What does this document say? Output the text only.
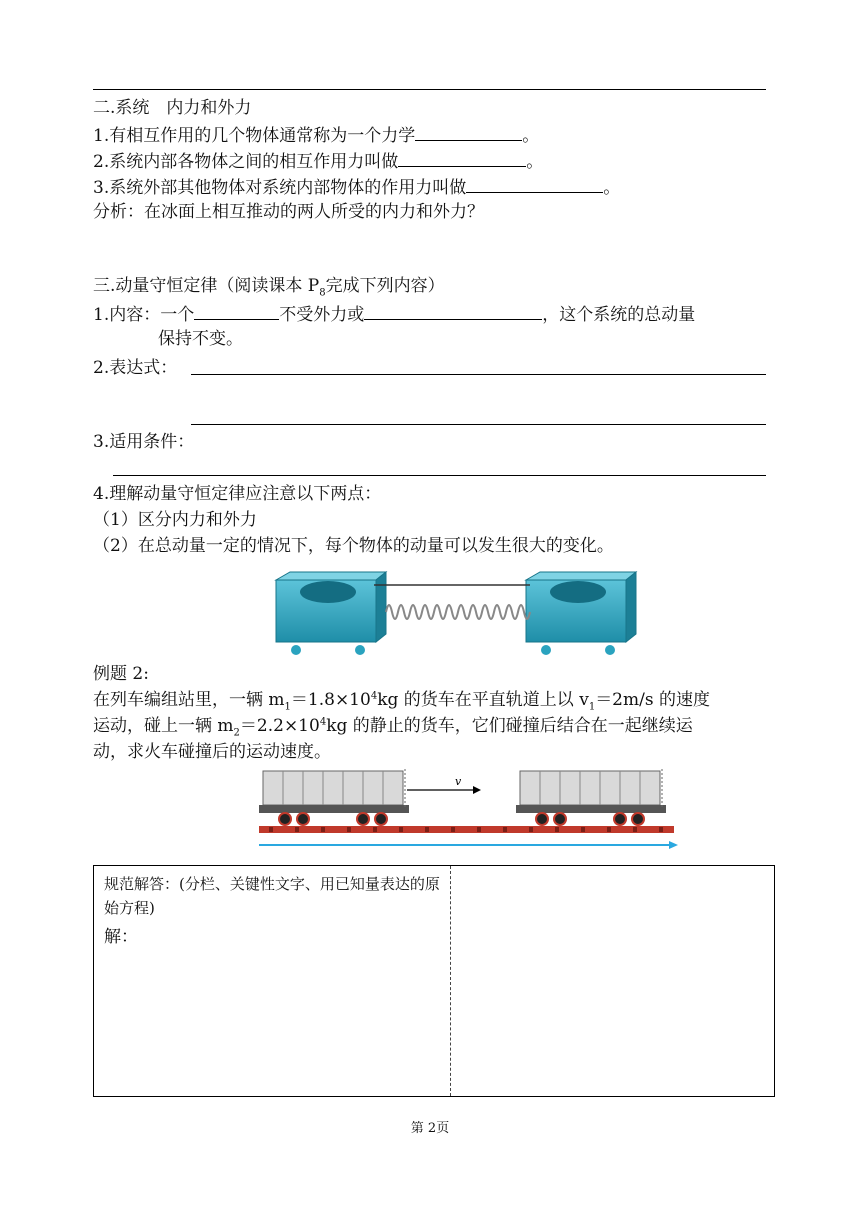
二.系统　内力和外力
1.有相互作用的几个物体通常称为一个力学	。
2.系统内部各物体之间的相互作用力叫做	。
3.系统外部其他物体对系统内部物体的作用力叫做	。
分析：在冰面上相互推动的两人所受的内力和外力？
三.动量守恒定律（阅读课本 $P_8$完成下列内容）
1.内容：一个	不受外力或	，这个系统的总动量
保持不变。
2.表达式：
3.适用条件：
4.理解动量守恒定律应注意以下两点：
（1）区分内力和外力
（2）在总动量一定的情况下，每个物体的动量可以发生很大的变化。
例题 2:
在列车编组站里，一辆 $m_1=1.8\times 10^4kg$ 的货车在平直轨道上以 $v_1=2m/s$ 的速度
运动，碰上一辆 $m_2=2.2\times 10^4kg$ 的静止的货车，它们碰撞后结合在一起继续运
动，求火车碰撞后的运动速度。
v
规范解答：(分栏、关键性文字、用已知量表达的原始方程)
解：
第 2页
